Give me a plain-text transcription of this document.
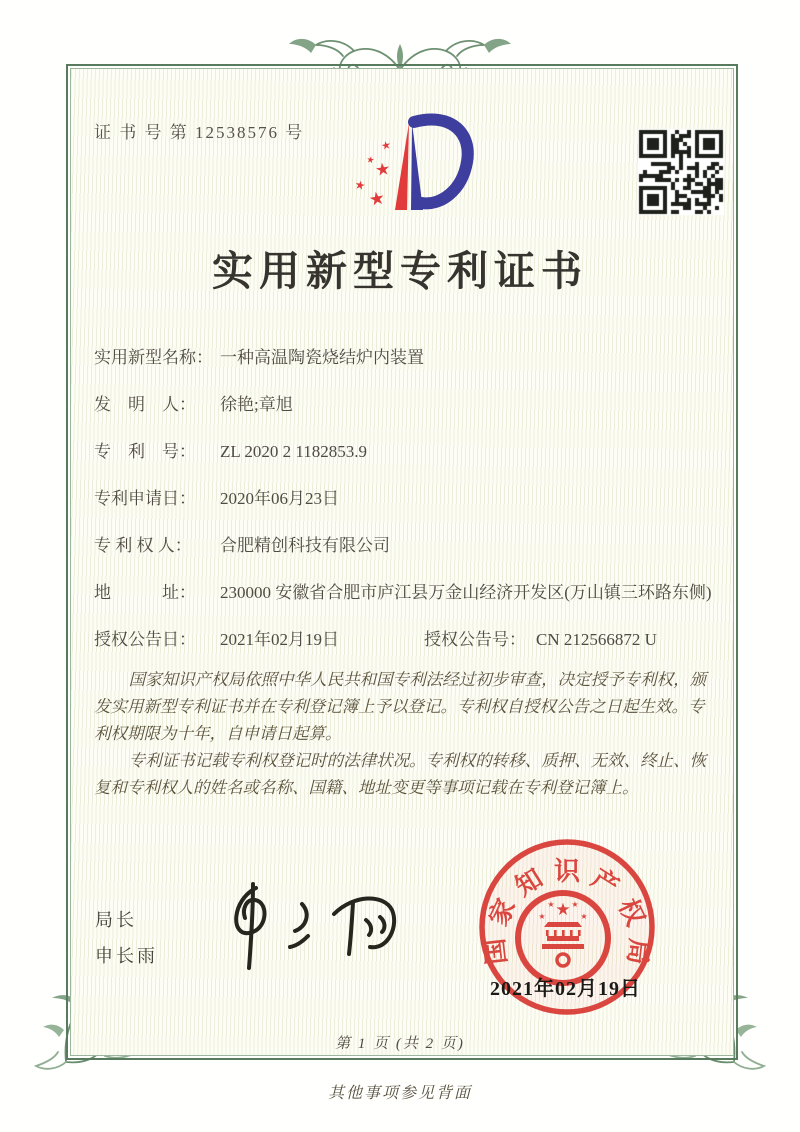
证 书 号 第 12538576 号
★
★
★
★
★
实用新型专利证书
实用新型名称： 一种高温陶瓷烧结炉内装置
发　明　人：	徐艳;章旭
专　利　号：	ZL 2020 2 1182853.9
专利申请日：	2020年06月23日
专 利 权 人：	合肥精创科技有限公司
地　　　址：	230000 安徽省合肥市庐江县万金山经济开发区(万山镇三环路东侧)
授权公告日：	2021年02月19日	授权公告号： CN 212566872 U

国家知识产权局依照中华人民共和国专利法经过初步审查，决定授予专利权，颁发实用新型专利证书并在专利登记簿上予以登记。专利权自授权公告之日起生效。专利权期限为十年，自申请日起算。

专利证书记载专利权登记时的法律状况。专利权的转移、质押、无效、终止、恢复和专利权人的姓名或名称、国籍、地址变更等事项记载在专利登记簿上。

局长
申长雨	国家知识产权局
★
★
★ ★
★
2021年02月19日
第 1 页 (共 2 页)
其他事项参见背面
